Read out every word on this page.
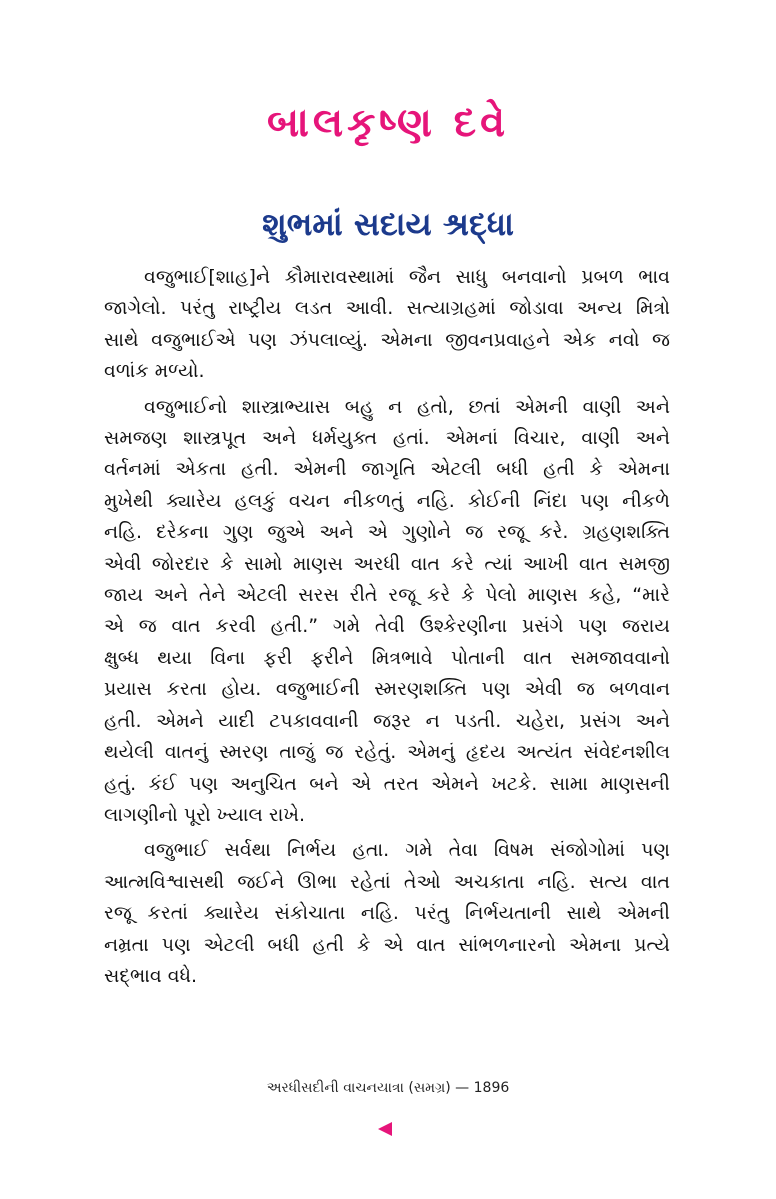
બાલકૃષ્ણ દવે
શુભમાં સદાય શ્રદ્ધા

વજુભાઈ[શાહ]ને કૌમારાવસ્થામાં જૈન સાધુ બનવાનો પ્રબળ ભાવ
જાગેલો. પરંતુ રાષ્ટ્રીય લડત આવી. સત્યાગ્રહમાં જોડાવા અન્ય મિત્રો
સાથે વજુભાઈએ પણ ઝંપલાવ્યું. એમના જીવનપ્રવાહને એક નવો જ
વળાંક મળ્યો.

વજુભાઈનો શાસ્ત્રાભ્યાસ બહુ ન હતો, છતાં એમની વાણી અને
સમજણ શાસ્ત્રપૂત અને ધર્મયુક્ત હતાં. એમનાં વિચાર, વાણી અને
વર્તનમાં એકતા હતી. એમની જાગૃતિ એટલી બધી હતી કે એમના
મુખેથી ક્યારેય હલકું વચન નીકળતું નહિ. કોઈની નિંદા પણ નીકળે
નહિ. દરેકના ગુણ જુએ અને એ ગુણોને જ રજૂ કરે. ગ્રહણશક્તિ
એવી જોરદાર કે સામો માણસ અરધી વાત કરે ત્યાં આખી વાત સમજી
જાય અને તેને એટલી સરસ રીતે રજૂ કરે કે પેલો માણસ કહે, “મારે
એ જ વાત કરવી હતી.” ગમે તેવી ઉશ્કેરણીના પ્રસંગે પણ જરાય
ક્ષુબ્ધ થયા વિના ફરી ફરીને મિત્રભાવે પોતાની વાત સમજાવવાનો
પ્રયાસ કરતા હોય. વજુભાઈની સ્મરણશક્તિ પણ એવી જ બળવાન
હતી. એમને યાદી ટપકાવવાની જરૂર ન પડતી. ચહેરા, પ્રસંગ અને
થયેલી વાતનું સ્મરણ તાજું જ રહેતું. એમનું હૃદય અત્યંત સંવેદનશીલ
હતું. કંઈ પણ અનુચિત બને એ તરત એમને ખટકે. સામા માણસની
લાગણીનો પૂરો ખ્યાલ રાખે.

વજુભાઈ સર્વથા નિર્ભય હતા. ગમે તેવા વિષમ સંજોગોમાં પણ
આત્મવિશ્વાસથી જઈને ઊભા રહેતાં તેઓ અચકાતા નહિ. સત્ય વાત
રજૂ કરતાં ક્યારેય સંકોચાતા નહિ. પરંતુ નિર્ભયતાની સાથે એમની
નમ્રતા પણ એટલી બધી હતી કે એ વાત સાંભળનારનો એમના પ્રત્યે
સદ્ભાવ વધે.

અરધીસદીની વાચનયાત્રા (સમગ્ર) — 1896
